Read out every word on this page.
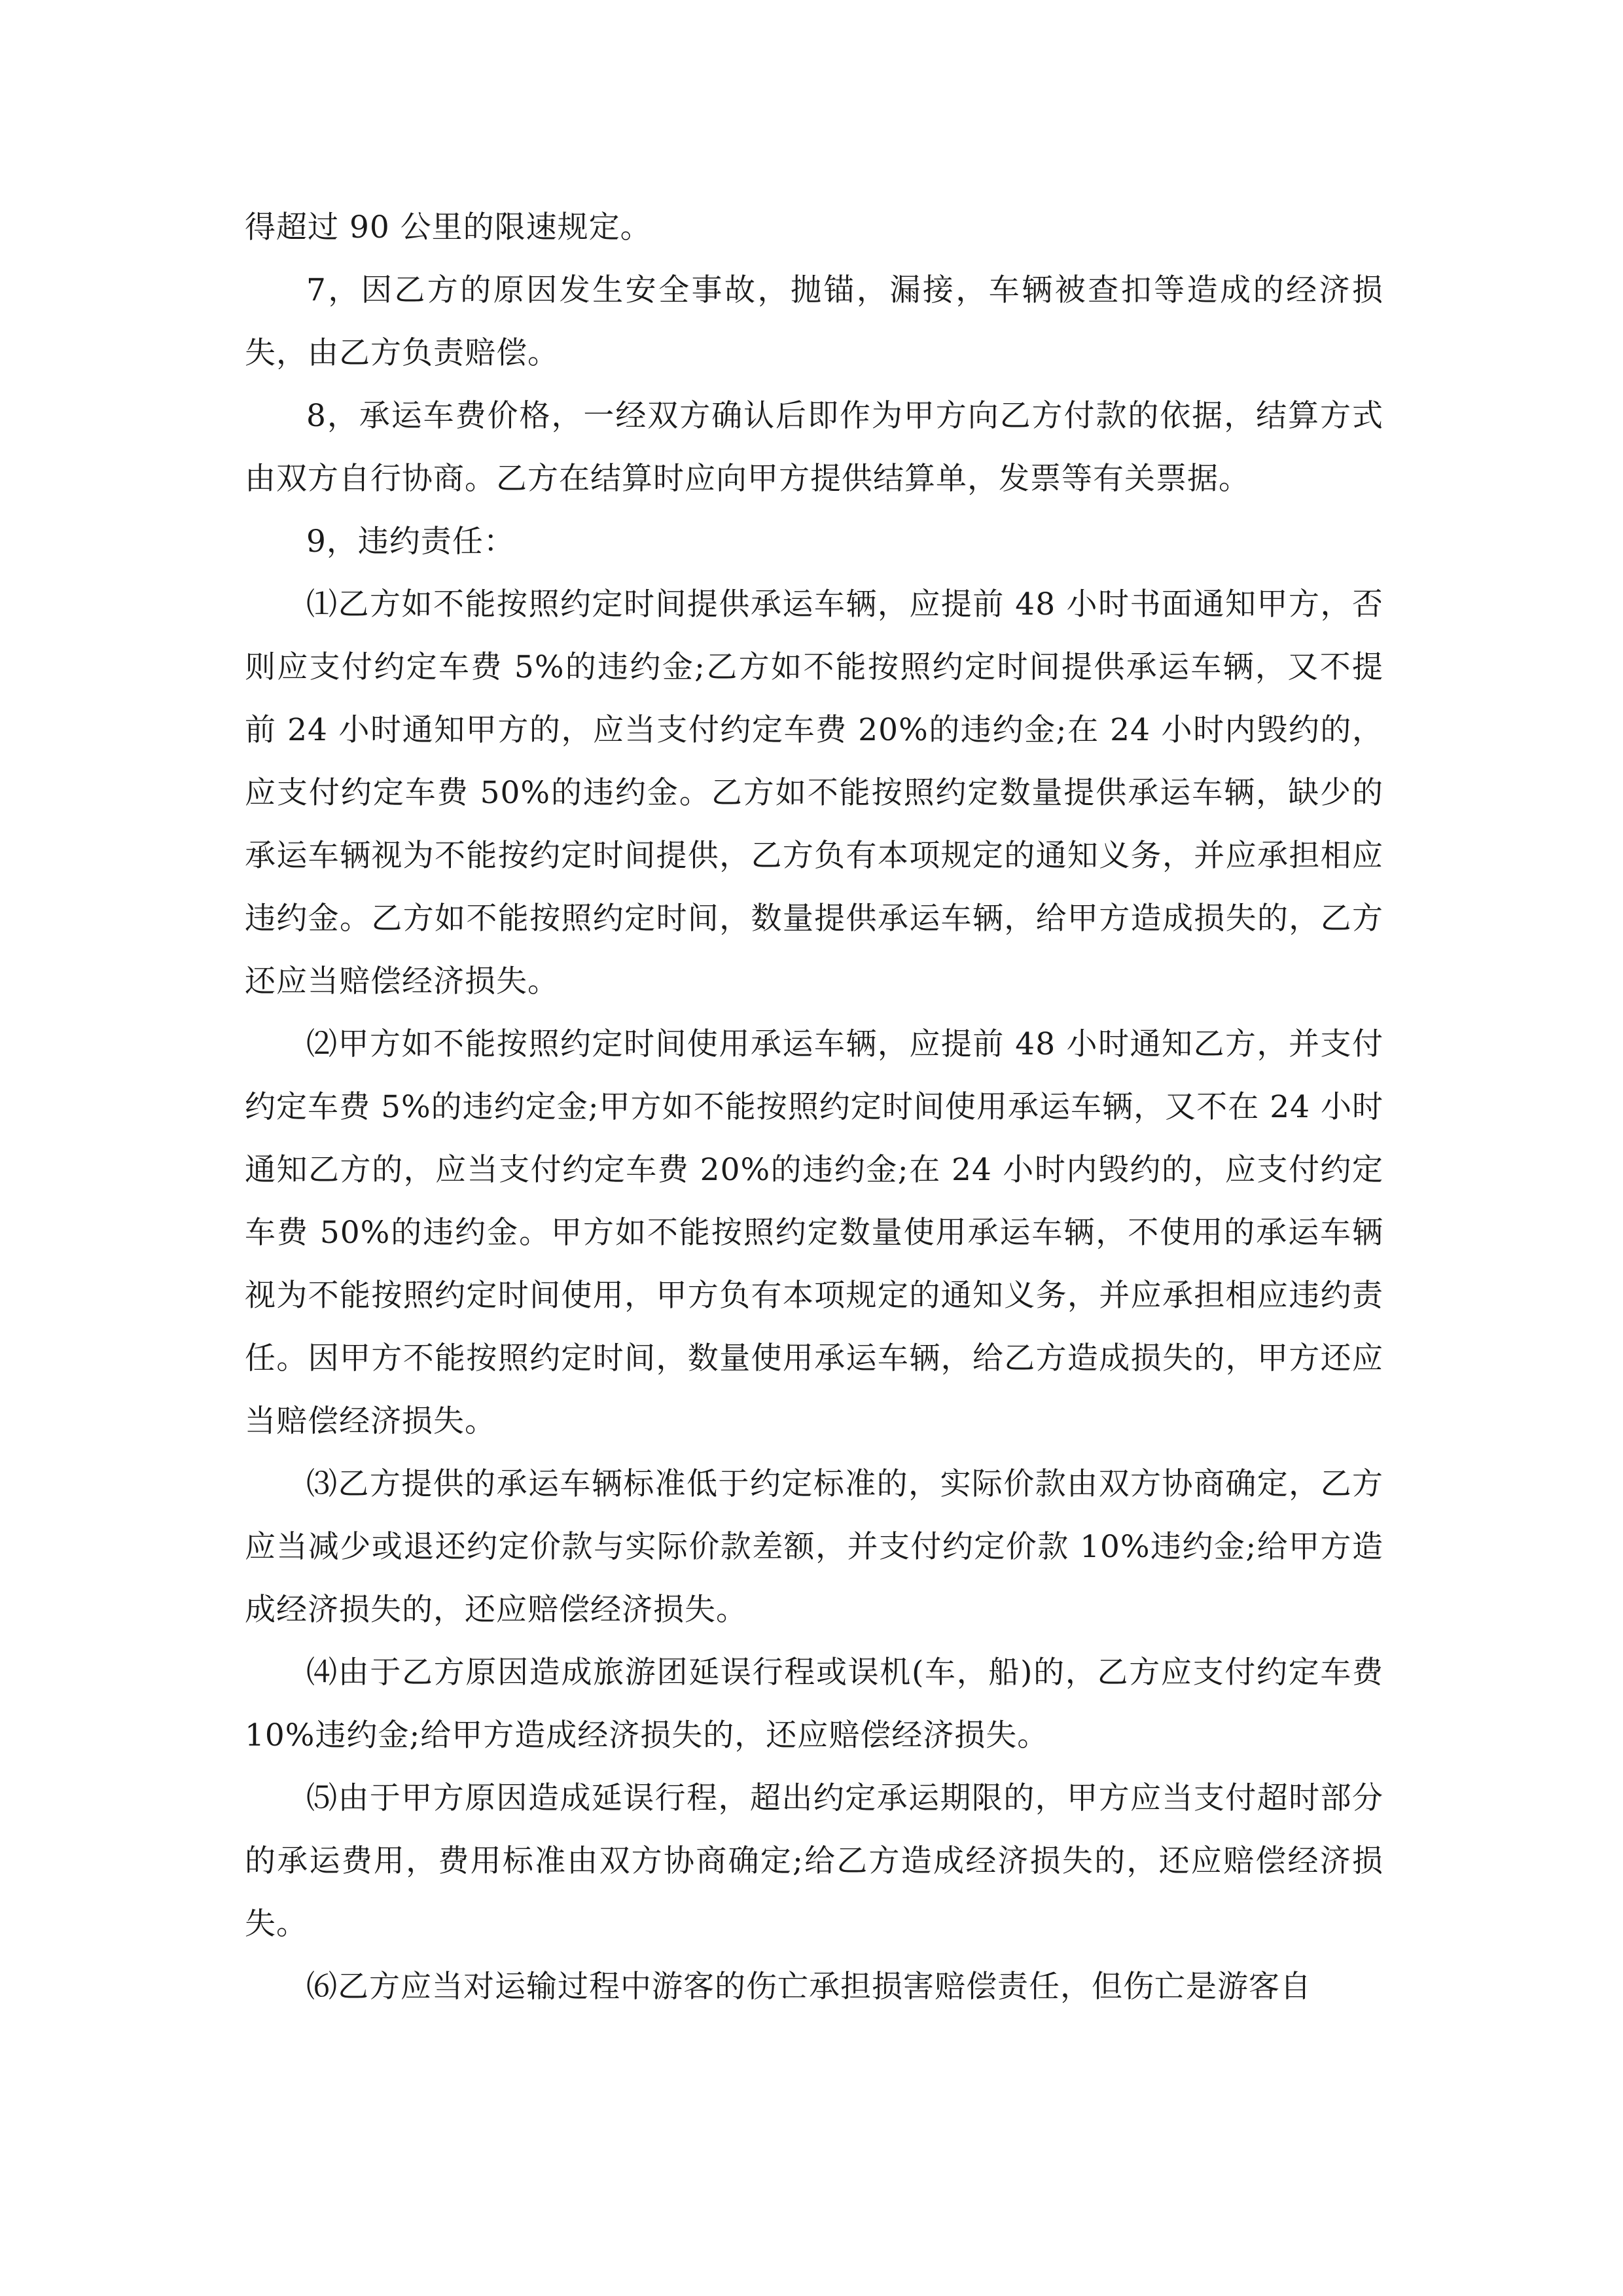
得超过 90 公里的限速规定。

7，因乙方的原因发生安全事故，抛锚，漏接，车辆被查扣等造成的经济损失，由乙方负责赔偿。

8，承运车费价格，一经双方确认后即作为甲方向乙方付款的依据，结算方式由双方自行协商。乙方在结算时应向甲方提供结算单，发票等有关票据。

9，违约责任：

⑴乙方如不能按照约定时间提供承运车辆，应提前 48 小时书面通知甲方，否则应支付约定车费 5%的违约金;乙方如不能按照约定时间提供承运车辆，又不提前 24 小时通知甲方的，应当支付约定车费 20%的违约金;在 24 小时内毁约的，应支付约定车费 50%的违约金。乙方如不能按照约定数量提供承运车辆，缺少的承运车辆视为不能按约定时间提供，乙方负有本项规定的通知义务，并应承担相应违约金。乙方如不能按照约定时间，数量提供承运车辆，给甲方造成损失的，乙方还应当赔偿经济损失。

⑵甲方如不能按照约定时间使用承运车辆，应提前 48 小时通知乙方，并支付约定车费 5%的违约定金;甲方如不能按照约定时间使用承运车辆，又不在 24 小时通知乙方的，应当支付约定车费 20%的违约金;在 24 小时内毁约的，应支付约定车费 50%的违约金。甲方如不能按照约定数量使用承运车辆，不使用的承运车辆视为不能按照约定时间使用，甲方负有本项规定的通知义务，并应承担相应违约责任。因甲方不能按照约定时间，数量使用承运车辆，给乙方造成损失的，甲方还应当赔偿经济损失。

⑶乙方提供的承运车辆标准低于约定标准的，实际价款由双方协商确定，乙方应当减少或退还约定价款与实际价款差额，并支付约定价款 10%违约金;给甲方造成经济损失的，还应赔偿经济损失。

⑷由于乙方原因造成旅游团延误行程或误机(车，船)的，乙方应支付约定车费 10%违约金;给甲方造成经济损失的，还应赔偿经济损失。

⑸由于甲方原因造成延误行程，超出约定承运期限的，甲方应当支付超时部分的承运费用，费用标准由双方协商确定;给乙方造成经济损失的，还应赔偿经济损失。

⑹乙方应当对运输过程中游客的伤亡承担损害赔偿责任，但伤亡是游客自
